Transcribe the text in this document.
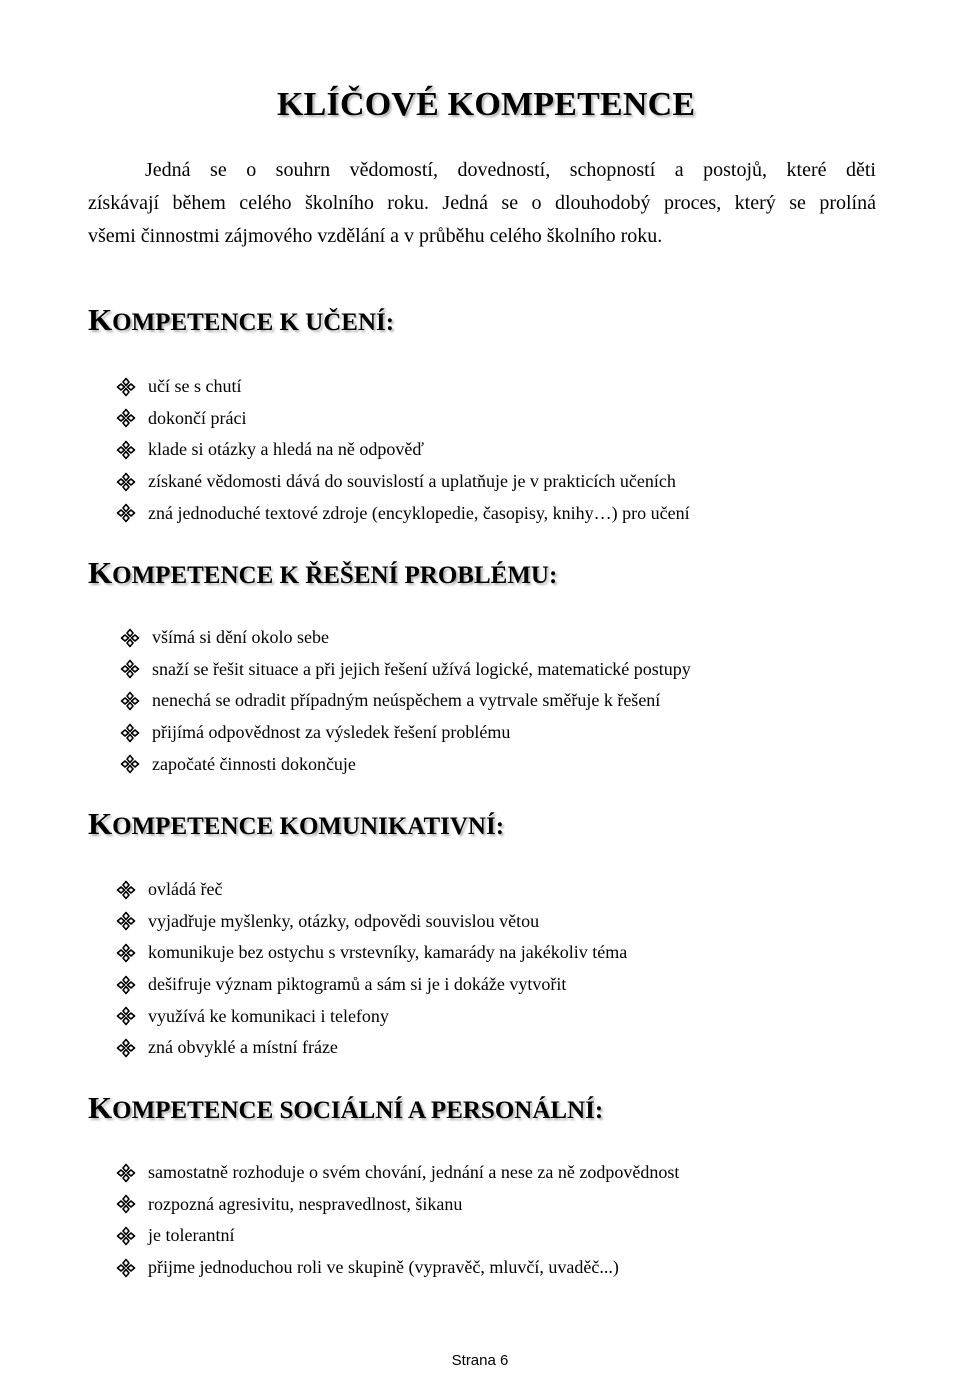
KLÍČOVÉ KOMPETENCE
Jedná se o souhrn vědomostí, dovedností, schopností a postojů, které děti
získávají během celého školního roku. Jedná se o dlouhodobý proces, který se prolíná
všemi činnostmi zájmového vzdělání a v průběhu celého školního roku.
KOMPETENCE K UČENÍ:
učí se s chutí
dokončí práci
klade si otázky a hledá na ně odpověď
získané vědomosti dává do souvislostí a uplatňuje je v prakticích učeních
zná jednoduché textové zdroje (encyklopedie, časopisy, knihy…) pro učení
KOMPETENCE K ŘEŠENÍ PROBLÉMU:
všímá si dění okolo sebe
snaží se řešit situace a při jejich řešení užívá logické, matematické postupy
nenechá se odradit případným neúspěchem a vytrvale směřuje k řešení
přijímá odpovědnost za výsledek řešení problému
započaté činnosti dokončuje
KOMPETENCE KOMUNIKATIVNÍ:
ovládá řeč
vyjadřuje myšlenky, otázky, odpovědi souvislou větou
komunikuje bez ostychu s vrstevníky, kamarády na jakékoliv téma
dešifruje význam piktogramů a sám si je i dokáže vytvořit
využívá ke komunikaci i telefony
zná obvyklé a místní fráze
KOMPETENCE SOCIÁLNÍ A PERSONÁLNÍ:
samostatně rozhoduje o svém chování, jednání a nese za ně zodpovědnost
rozpozná agresivitu, nespravedlnost, šikanu
je tolerantní
přijme jednoduchou roli ve skupině (vypravěč, mluvčí, uvaděč...)
Strana 6
